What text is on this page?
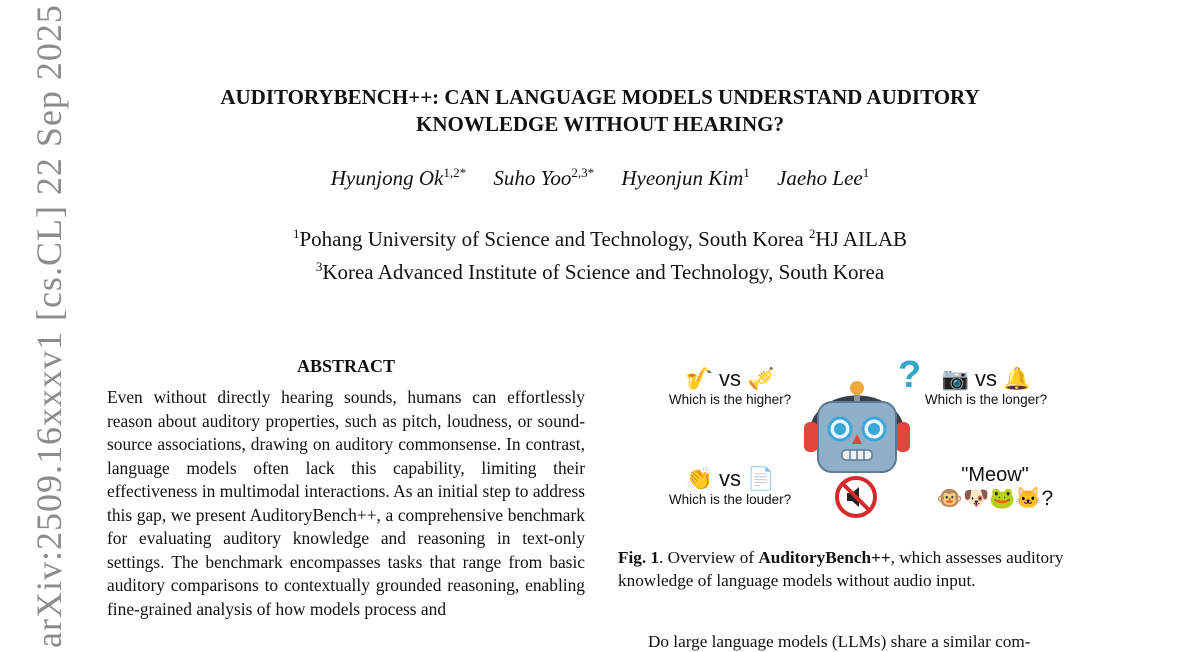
AUDITORYBENCH++: CAN LANGUAGE MODELS UNDERSTAND AUDITORY
KNOWLEDGE WITHOUT HEARING?
Hyunjong $Ok^{1,2*}$ Suho Yoo$^{2,3*}$ Hyeonjun Kim$^1$ Jaeho Lee$^1$
$^1$Pohang University of Science and Technology, South Korea $^2$HJ AILAB
$^3$Korea Advanced Institute of Science and Technology, South Korea
arXiv:2509.16xxxv1 [cs.CL] 22 Sep 2025	ABSTRACT
Even without directly hearing sounds, humans can effortlessly reason about auditory properties, such as pitch, loudness, or sound-source associations, drawing on auditory commonsense. In contrast, language models often lack this capability, limiting their effectiveness in multimodal interactions. As an initial step to address this gap, we present AuditoryBench++, a comprehensive benchmark for evaluating auditory knowledge and reasoning in text-only settings. The benchmark encompasses tasks that range from basic auditory comparisons to contextually grounded reasoning, enabling fine-grained analysis of how models process and
🎷 vs 🎺
Which is the higher?
📷 vs 🔔
Which is the longer?
👏 vs 📄
Which is the louder?
?
"Meow"
🐵🐶🐸🐱?
Fig. 1. Overview of AuditoryBench++, which assesses auditory knowledge of language models without audio input.
Do large language models (LLMs) share a similar com-
